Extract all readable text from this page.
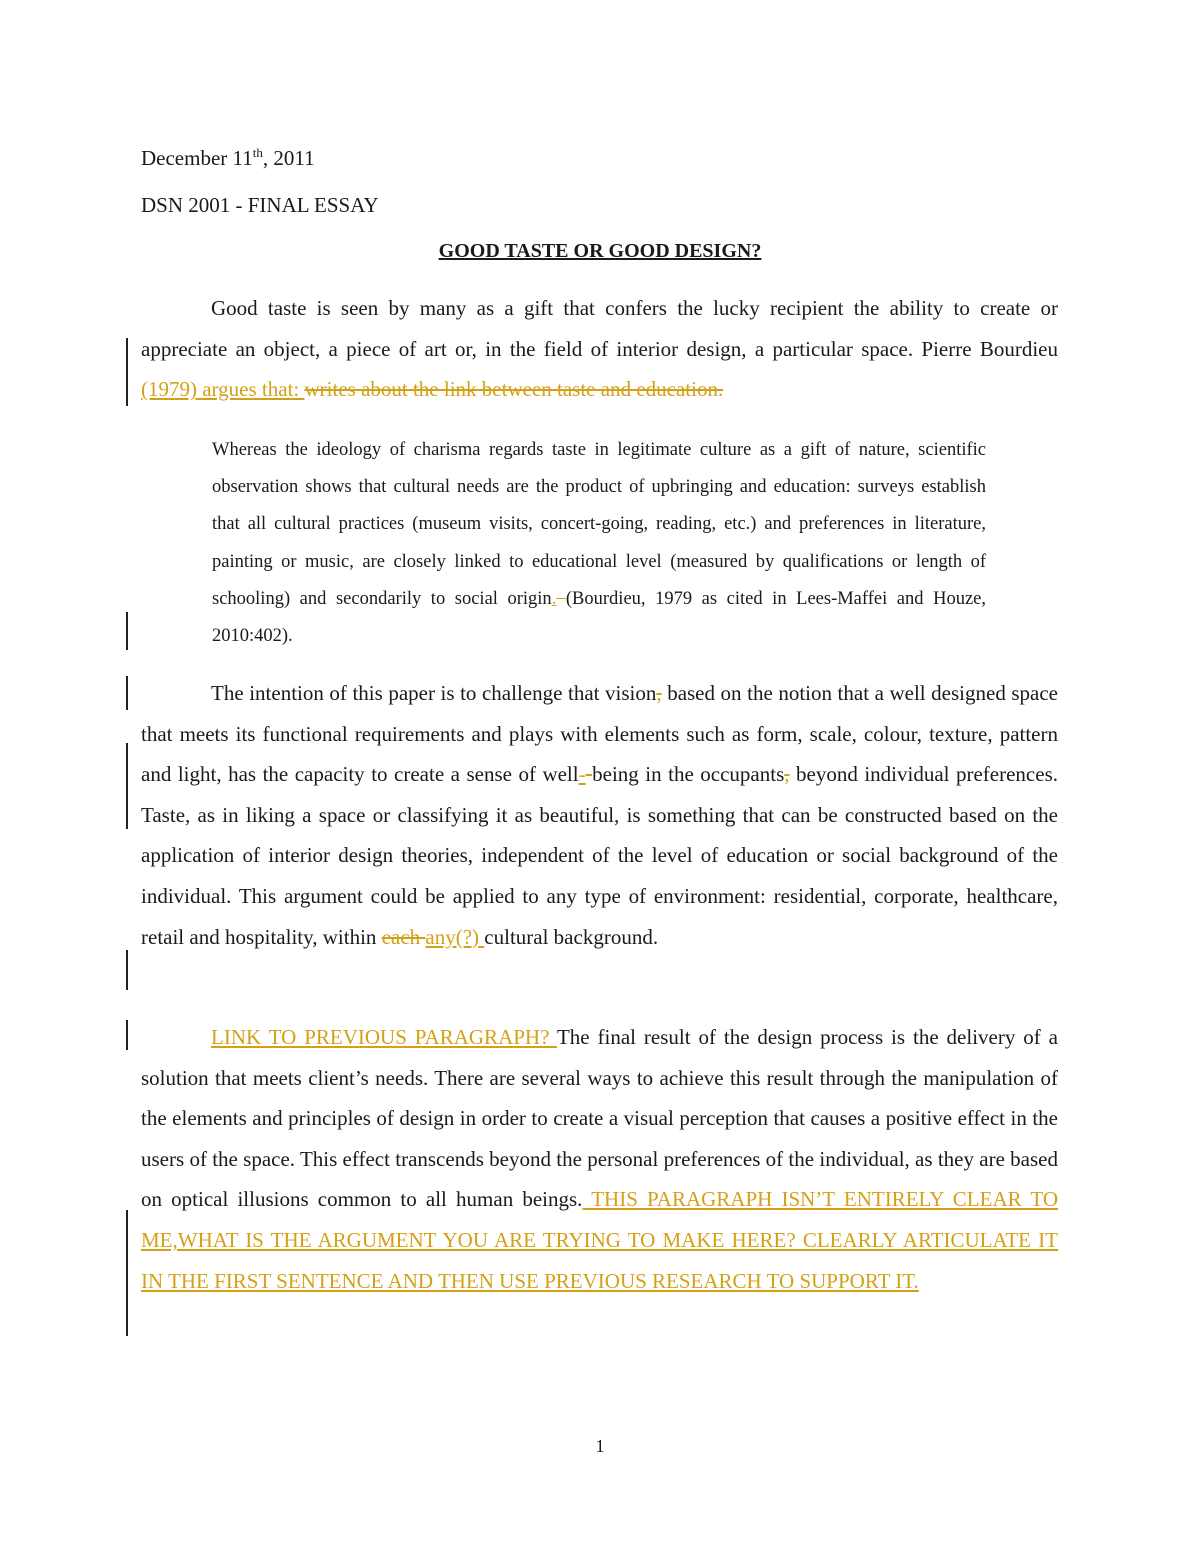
December 11th, 2011
DSN 2001 - FINAL ESSAY
GOOD TASTE OR GOOD DESIGN?

Good taste is seen by many as a gift that confers the lucky recipient the ability to create or appreciate an object, a piece of art or, in the field of interior design, a particular space. Pierre Bourdieu (1979) argues that: writes about the link between taste and education.

Whereas the ideology of charisma regards taste in legitimate culture as a gift of nature, scientific observation shows that cultural needs are the product of upbringing and education: surveys establish that all cultural practices (museum visits, concert-going, reading, etc.) and preferences in literature, painting or music, are closely linked to educational level (measured by qualifications or length of schooling) and secondarily to social origin. (Bourdieu, 1979 as cited in Lees-Maffei and Houze, 2010:402).

The intention of this paper is to challenge that vision, based on the notion that a well designed space that meets its functional requirements and plays with elements such as form, scale, colour, texture, pattern and light, has the capacity to create a sense of well- being in the occupants, beyond individual preferences. Taste, as in liking a space or classifying it as beautiful, is something that can be constructed based on the application of interior design theories, independent of the level of education or social background of the individual. This argument could be applied to any type of environment: residential, corporate, healthcare, retail and hospitality, within each any(?) cultural background.

LINK TO PREVIOUS PARAGRAPH? The final result of the design process is the delivery of a solution that meets client’s needs. There are several ways to achieve this result through the manipulation of the elements and principles of design in order to create a visual perception that causes a positive effect in the users of the space. This effect transcends beyond the personal preferences of the individual, as they are based on optical illusions common to all human beings. THIS PARAGRAPH ISN’T ENTIRELY CLEAR TO ME,WHAT IS THE ARGUMENT YOU ARE TRYING TO MAKE HERE? CLEARLY ARTICULATE IT IN THE FIRST SENTENCE AND THEN USE PREVIOUS RESEARCH TO SUPPORT IT.

1
